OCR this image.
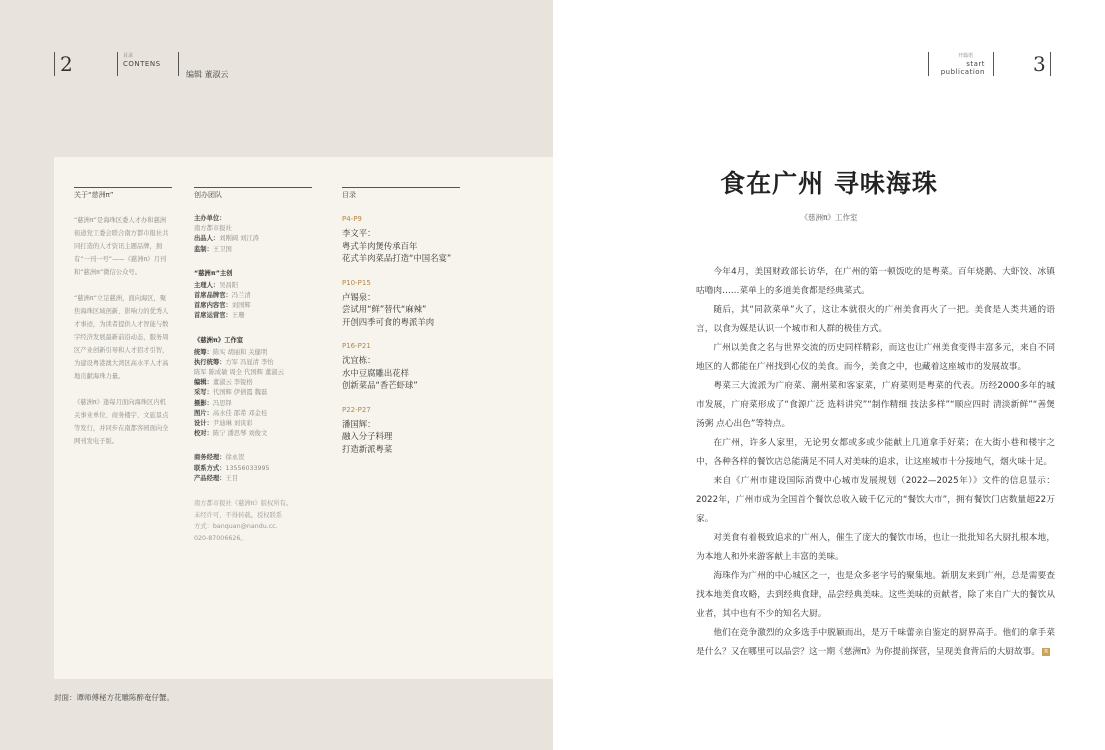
2	目录
CONTENS
编辑 董淑云
关于“慈洲π”

“慈洲π”是海珠区委人才办和慈洲街道党工委会联合南方都市报社共同打造的人才资讯主题品牌，拥有“一刊一号”——《慈洲π》月刊和“慈洲π”微信公众号。

“慈洲π”立足慈洲，面向海区，聚焦海珠区域创新、影响力的优秀人才事迹，为读者提供人才智能与数字经济发展最新前沿动态，服务周区产业创新引导和人才招才引智，为建设粤港澳大湾区高水平人才高地贡献海珠力量。

《慈洲π》逢每月面向海珠区内机关事业单位、商务楼宇、文旅景点等发行，并同步在南都客园面向全网刊发电子版。

创办团队
主办单位：
南方都市报社
出品人：刘刚阔 刘江涛
监制：王卫国
“慈洲π”主创
主理人：吴昌阳
首席品牌官：冯兰清
首席内容官：刘国辉
首席运营官：王珊
《慈洲π》工作室
统筹：陈实 胡丽和 关健明
执行统筹：方军 冯显清 李怡
陈军 陈成敏 周全 代国辉 董淑云
编辑：董淑云 李锐格
采写：代国辉 伊倩霞 魏磊
摄影：冯思铎
图片：高水佳 邵希 邓金桂
设计：尹迪琳 刘寅彩
校对：陈宁 潘思琴 刘俊文
商务经理：徐永贺
联系方式：13556033995
产品经理：王目
南方都市报社《慈洲π》版权所有。
未经许可，不得转载。授权联系
方式：banquan@nandu.cc.
020-87006626。
目录
P4-P9
李文平：
粤式羊肉煲传承百年
花式羊肉菜品打造“中国名宴”
P10-P15
卢锡泉：
尝试用“鲜”替代“麻辣”
开创四季可食的粤派羊肉
P16-P21
沈宜栋：
水中豆腐雕出花样
创新菜品“香芒虾球”
P22-P27
潘国辉：
融入分子料理
打造新派粤菜
封面：谭师傅秘方花雕陈醉奄仔蟹。
开篇语
start
publication 3
食在广州 寻味海珠
《慈洲π》工作室

今年4月，美国财政部长访华，在广州的第一顿饭吃的是粤菜。百年烧鹅、大虾饺、冰镇咕噜肉……菜单上的多道美食都是经典菜式。

随后，其“同款菜单”火了，这让本就很火的广州美食再火了一把。美食是人类共通的语言，以食为媒是认识一个城市和人群的极佳方式。

广州以美食之名与世界交流的历史同样精彩，而这也让广州美食变得丰富多元，来自不同地区的人都能在广州找到心仪的美食。而今，美食之中，也藏着这座城市的发展故事。

粤菜三大流派为广府菜、潮州菜和客家菜，广府菜则是粤菜的代表。历经2000多年的城市发展，广府菜形成了“食源广泛 选料讲究”“制作精细 技法多样”“顺应四时 清淡新鲜”“善煲汤粥 点心出色”等特点。

在广州，许多人家里，无论男女都或多或少能献上几道拿手好菜；在大街小巷和楼宇之中，各种各样的餐饮店总能满足不同人对美味的追求，让这座城市十分接地气，烟火味十足。

来自《广州市建设国际消费中心城市发展规划（2022—2025年）》文件的信息显示：2022年，广州市成为全国首个餐饮总收入破千亿元的“餐饮大市”，拥有餐饮门店数量超22万家。

对美食有着极致追求的广州人，催生了庞大的餐饮市场，也让一批批知名大厨扎根本地，为本地人和外来游客献上丰富的美味。

海珠作为广州的中心城区之一，也是众多老字号的聚集地。新朋友来到广州，总是需要查找本地美食攻略，去到经典食肆，品尝经典美味。这些美味的贡献者，除了来自广大的餐饮从业者，其中也有不少的知名大厨。

他们在竞争激烈的众多选手中脱颖而出，是万千味蕾亲自鉴定的厨界高手。他们的拿手菜是什么？又在哪里可以品尝？这一期《慈洲π》为你提前探营，呈现美食背后的大厨故事。 π
